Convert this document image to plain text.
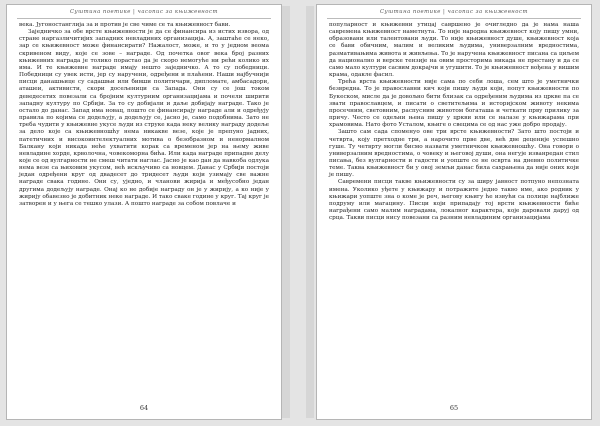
Суштина поетике | часопис за књижевност

века. Југоностанглија за и против је све чиме се та књижевност бави.

Заједничко за обе врсте књижевности је да се финансира из истих извора, од стране наргазличитијих западних невладиних организација. А, заштаће се неко, зар се књижевност може финансирати? Нажалост, може, и то у једном веома скривеном виду, које се зове – награде. Од почетка овог века број разних књижевних награда је толико порастао да је скоро немогуће ни рећи колико их има. И те књижевне награде имају нешто заједничко. А то су победници. Победници су увек исти, јер су наручени, одређени и плаћени. Наши најбучнији писци данашњице су садашњи или бивши политичари, дипломате, амбасадори, аташеи, активисти, скори досељеници са Запада. Они су се још током деведесетих повезали са бројним културним организацијама и почели ширити западну културу по Србији. За то су добијали и даље добијају награде. Тако је остало до данас. Запад има новац, пошто се финансирају награде али и одређују правила по којима се додељују, а додељују се, јасно је, само подобнима. Зато не треба чудити у књижевне укусе људи из струке када неку велику награду додеље за дело које са књижевношћу нема никакве везе, које је препуно јадних, патетичних и високоинтелектуалних мотива о безобразном и ненормалном Балкану који никада неће ухватити корак са временом јер на њему живе невладине хорде, крволочна, човекоморна бића. Или када награде припадне делу које се од вулгарности не смеш читати наглас. Јасно је као дан да навкоба одлука нема везе са њиховим укусом, већ искључиво са новцем. Данас у Србији постоји један одређени круг од двадесет до тридесет људи који узимају све важне награде свака године. Они су, уједно, и чланови жирија и међусобно један другима додељују награде. Онај ко не добије награду он је у жирију, а ко није у жирију обавезно је добитник неке награде. И тако свакe године у круг. Тај круг је затворен и у њега се тешко улази. А пошто награде за собом повлаче и

64
Суштина поетике | часопис за књижевност

популарност и књижевни утицај савршено је очигледно да је нама наша савремена књижевност наметнута. То није народна књижевност коју пишу умни, образовани или талентовани људи. То није књижевност душе, књижевност која се бави обичним, малим и великим људима, универзалним вредностима, размативањима живота и живљења. То је наручена књижевност писана са циљем да национално и верске тензије на овим просторима никада не престану и да се само мало култури сасвим докрајчи и угушити. То је књижевност вођена у вишим крама, одакле фасил.

Трећа врста књижевности није сама по себи лоша, сем што је уметнички безвредна. То је православни кич који пишу људи који, попут књижевности по Букеском, мисле да је довољно бити близак са одређеним људима из цркве па се звати православцем, и писати о светитељима и историјском животу некима просечним, световним, распусним животом богаташа и четкати прву прилику за причу. Често се одељни њена пишу у цркви или се налазе у књижарама при храмовима. Нато фото Усталом, књиге о свецима се од нас уже добро продају.

Зашто сам сада споменуо ове три врсте књижевности? Зато што постоји и четврта, коју претходне три, а нарочито прве две, већ две деценије успешно гуше. Ту четврту могли бисмо назвати уметничком књижевношћу. Она говори о универзалним вредностима, о човеку и његовој души, она негује изванредан стил писања, без вулгарности и гадости и уопште се не освртa на дневно политичке теме. Таква књижевност би у овој земљи данас била сахрањена да није оних који је пишу.

Савремени писци такве књижевности су за ширу јавност потпуно непозната имена. Уколико уђете у књижару и потражите једно такво име, ако родник у књижари уопште зна о коме је реч, његову књигу ће извући са полице најближе подруму или магацину. Писци који припадају тој врсти књижевности биће награђени само малим наградама, локалног карактера, које даровали даруј од срца. Такви писци нису повезани са разним невладиним организацијама

65
